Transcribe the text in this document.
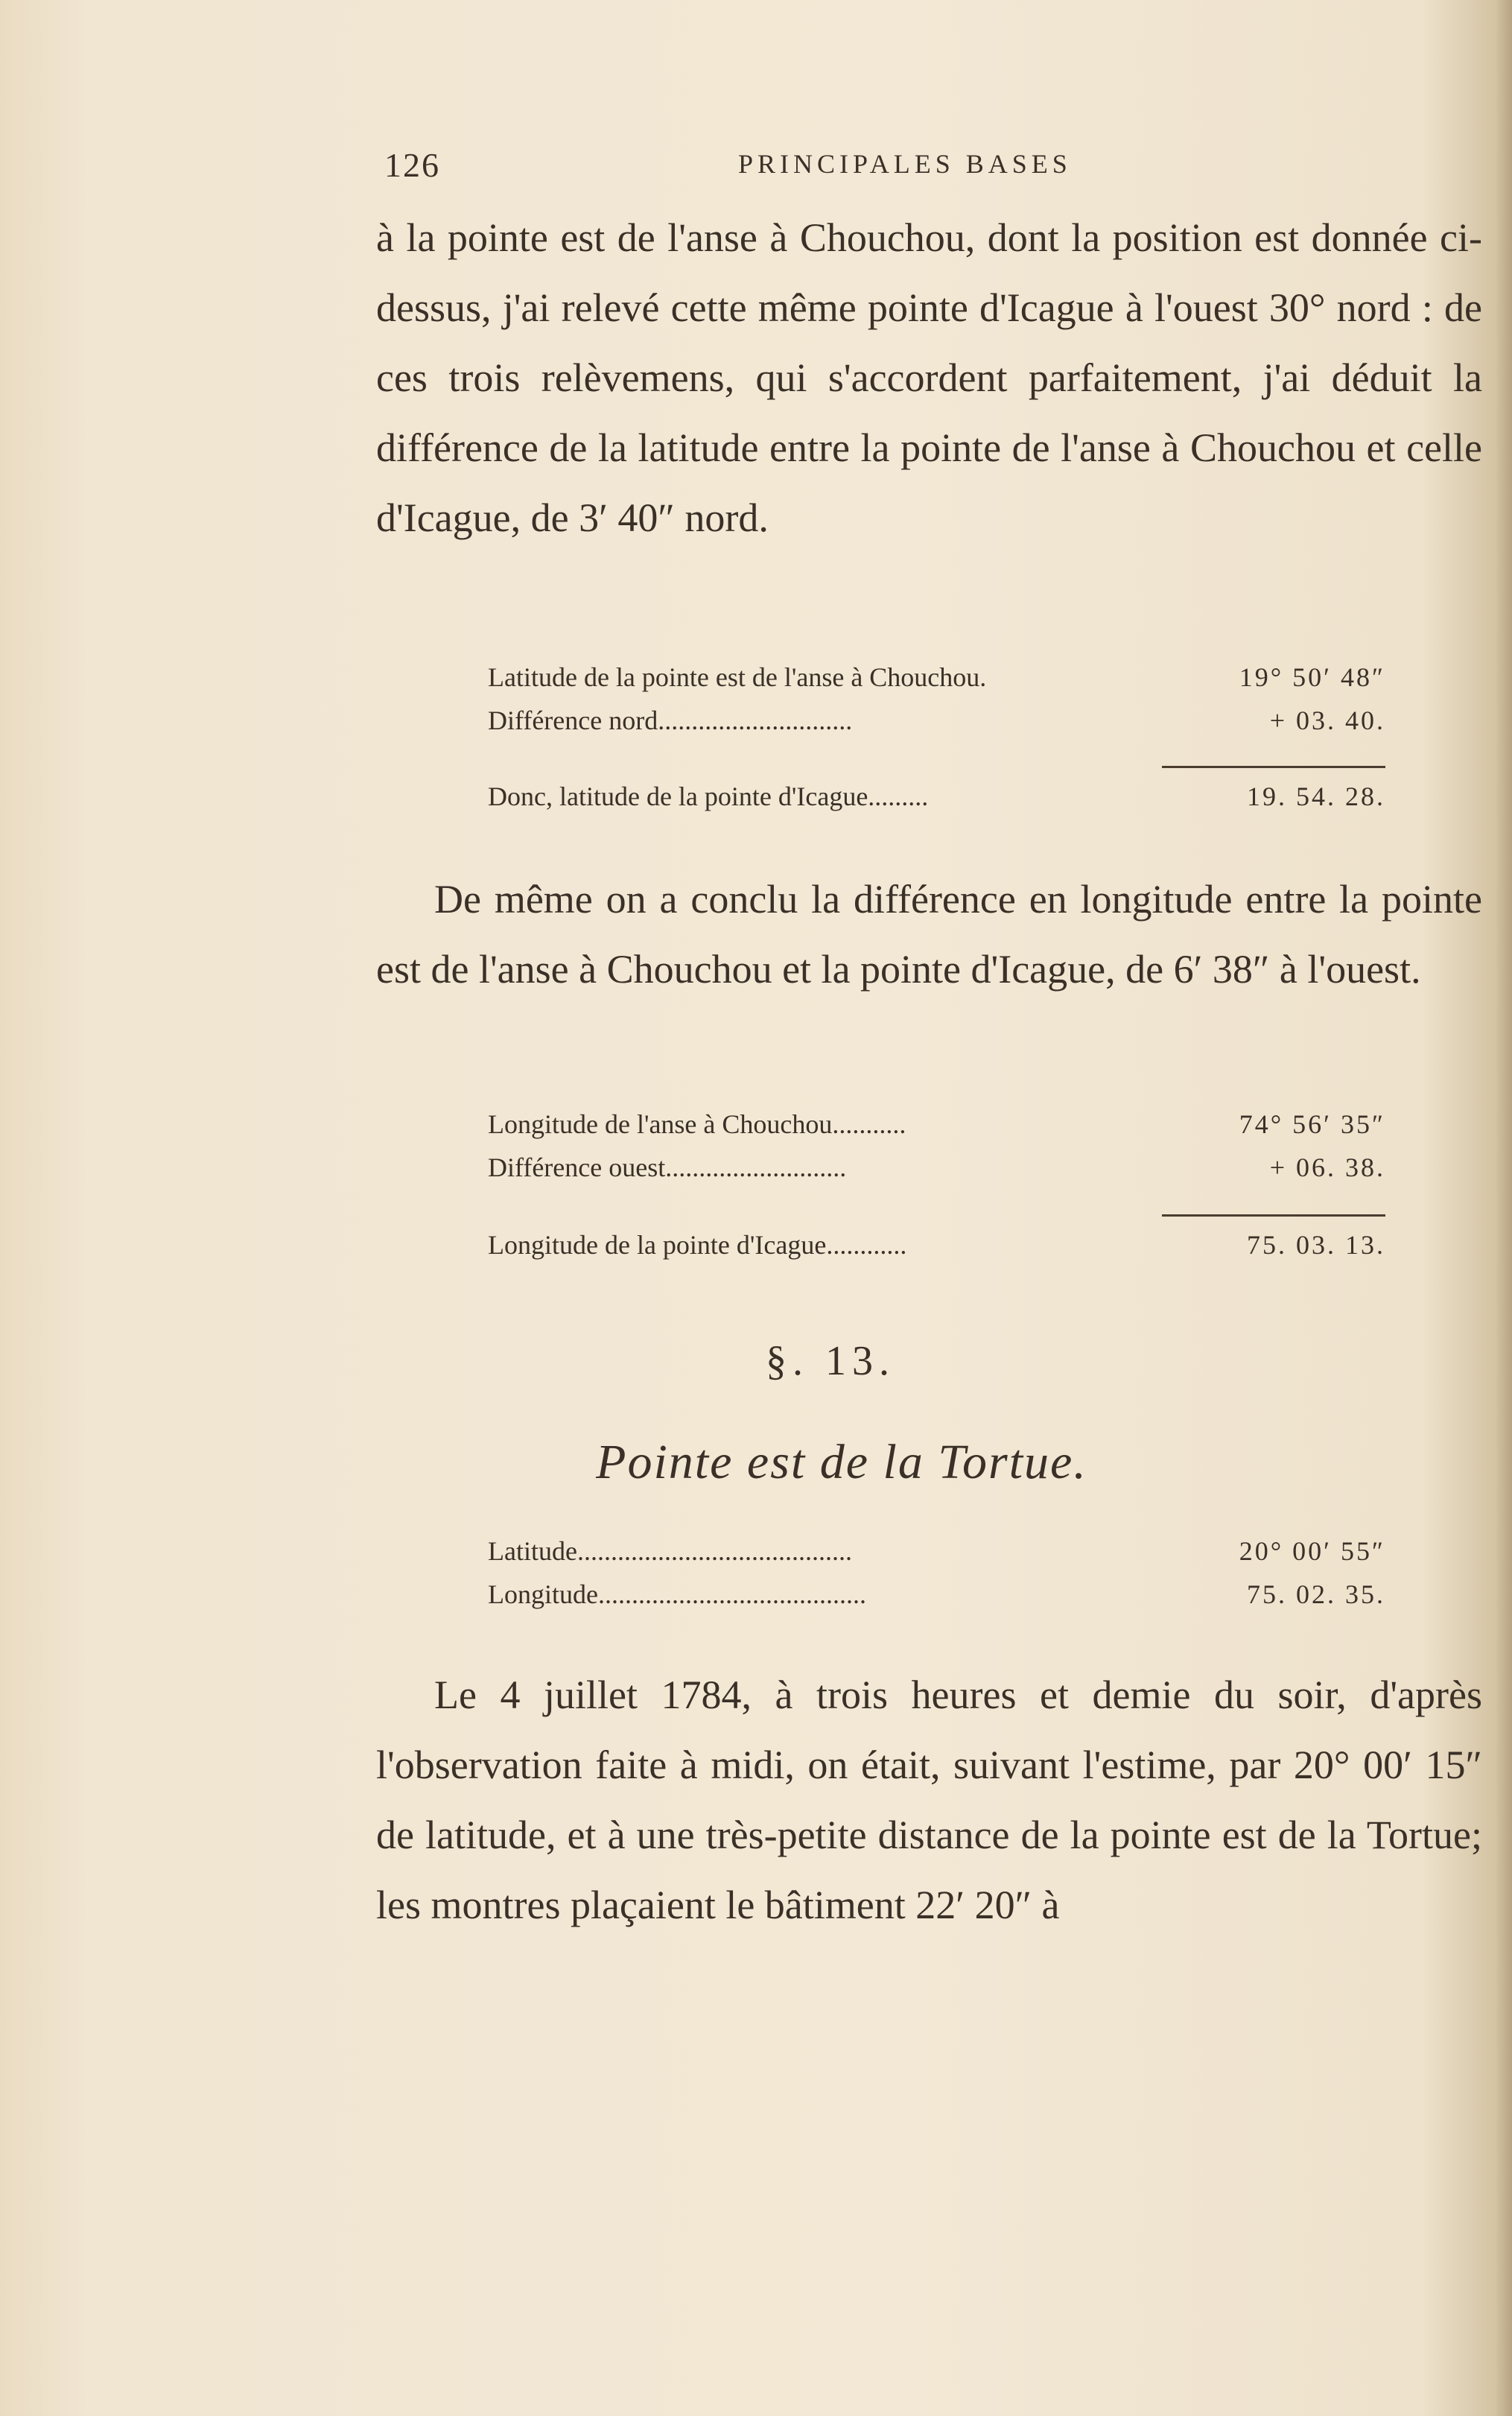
126	PRINCIPALES BASES

à la pointe est de l'anse à Chouchou, dont la position est donnée ci-dessus, j'ai relevé cette même pointe d'Icague à l'ouest 30° nord : de ces trois relèvemens, qui s'accordent parfaitement, j'ai déduit la différence de la latitude entre la pointe de l'anse à Chouchou et celle d'Icague, de 3′ 40″ nord.

Latitude de la pointe est de l'anse à Chouchou.	19° 50′ 48″
Différence nord.............................	+ 03. 40.
Donc, latitude de la pointe d'Icague.........	19. 54. 28.

De même on a conclu la différence en longitude entre la pointe est de l'anse à Chouchou et la pointe d'Icague, de 6′ 38″ à l'ouest.

Longitude de l'anse à Chouchou...........	74° 56′ 35″
Différence ouest...........................	+ 06. 38.
Longitude de la pointe d'Icague............	75. 03. 13.
§. 13.
Pointe est de la Tortue.
Latitude.........................................	20° 00′ 55″
Longitude........................................	75. 02. 35.

Le 4 juillet 1784, à trois heures et demie du soir, d'après l'observation faite à midi, on était, suivant l'estime, par 20° 00′ 15″ de latitude, et à une très-petite distance de la pointe est de la Tortue; les montres plaçaient le bâtiment 22′ 20″ à
